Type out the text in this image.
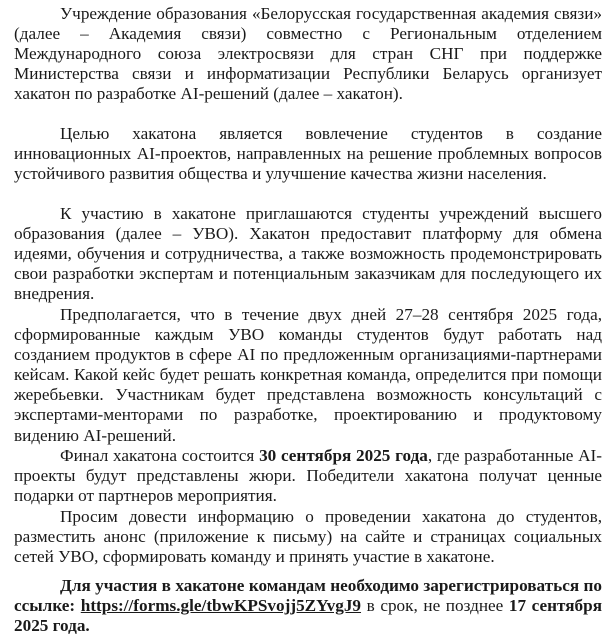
Учреждение образования «Белорусская государственная академия связи» (далее – Академия связи) совместно с Региональным отделением Международного союза электросвязи для стран СНГ при поддержке Министерства связи и информатизации Республики Беларусь организует хакатон по разработке AI-решений (далее – хакатон).

Целью хакатона является вовлечение студентов в создание инновационных AI-проектов, направленных на решение проблемных вопросов устойчивого развития общества и улучшение качества жизни населения.

К участию в хакатоне приглашаются студенты учреждений высшего образования (далее – УВО). Хакатон предоставит платформу для обмена идеями, обучения и сотрудничества, а также возможность продемонстрировать свои разработки экспертам и потенциальным заказчикам для последующего их внедрения.

Предполагается, что в течение двух дней 27–28 сентября 2025 года, сформированные каждым УВО команды студентов будут работать над созданием продуктов в сфере AI по предложенным организациями-партнерами кейсам. Какой кейс будет решать конкретная команда, определится при помощи жеребьевки. Участникам будет представлена возможность консультаций с экспертами-менторами по разработке, проектированию и продуктовому видению AI-решений.

Финал хакатона состоится 30 сентября 2025 года, где разработанные AI-проекты будут представлены жюри. Победители хакатона получат ценные подарки от партнеров мероприятия.

Просим довести информацию о проведении хакатона до студентов, разместить анонс (приложение к письму) на сайте и страницах социальных сетей УВО, сформировать команду и принять участие в хакатоне.

Для участия в хакатоне командам необходимо зарегистрироваться по ссылке: https://forms.gle/tbwKPSvojj5ZYvgJ9 в срок, не позднее 17 сентября 2025 года.
